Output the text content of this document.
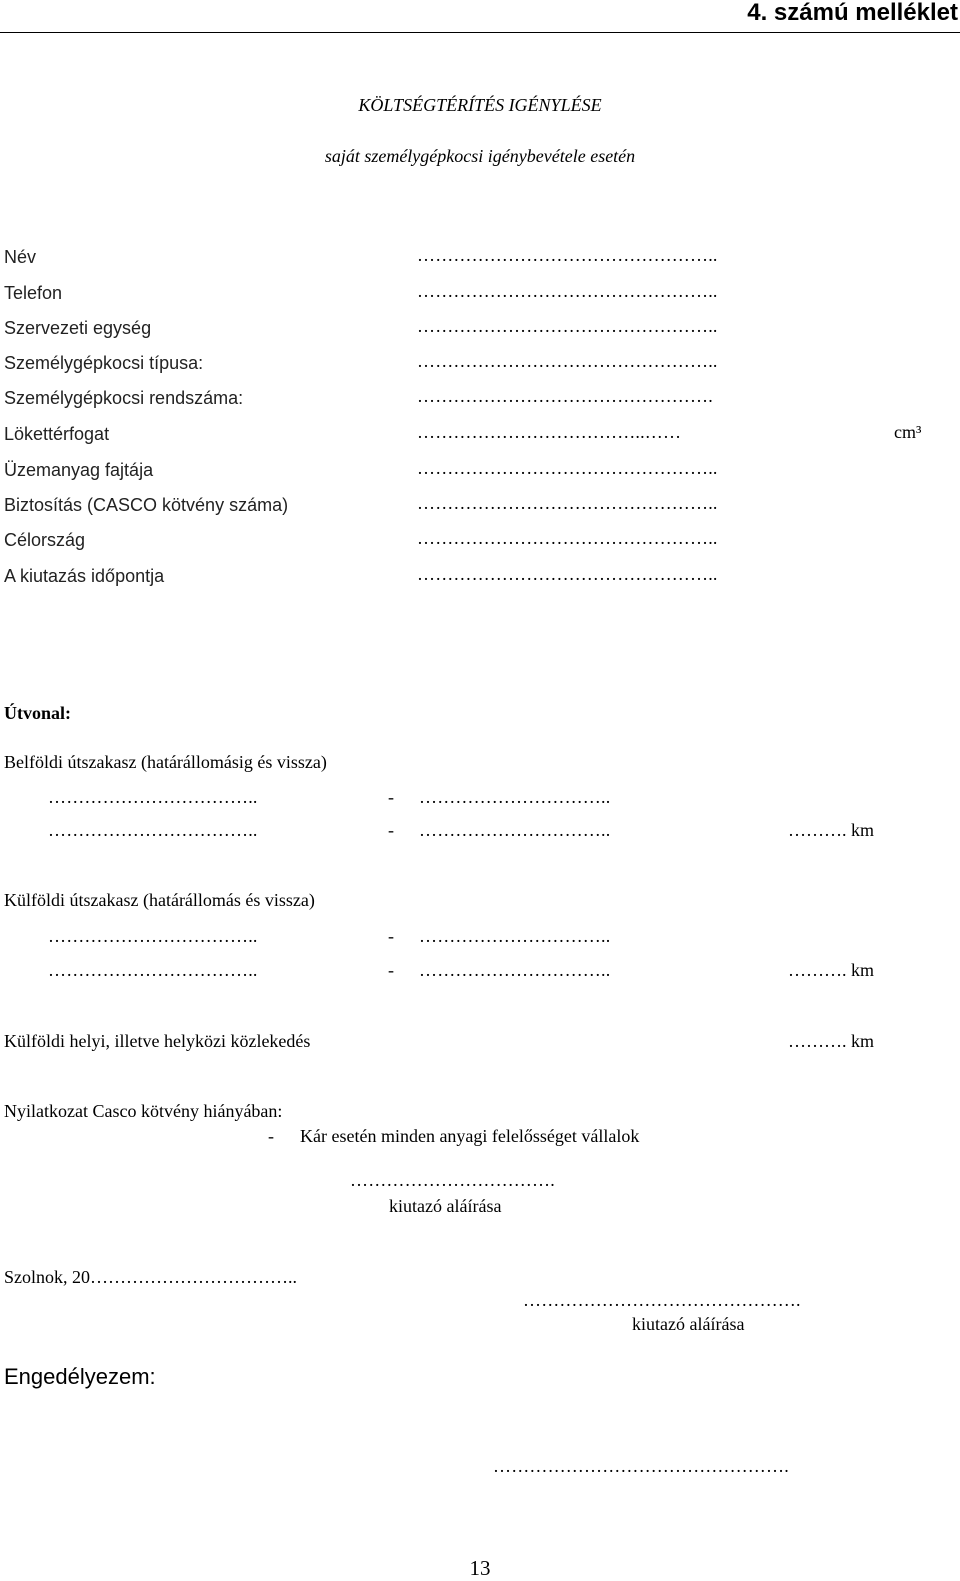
4. számú melléklet
KÖLTSÉGTÉRÍTÉS IGÉNYLÉSE
saját személygépkocsi igénybevétele esetén
Név	…………………………………………..
Telefon	…………………………………………..
Szervezeti egység	…………………………………………..
Személygépkocsi típusa:	…………………………………………..
Személygépkocsi rendszáma:	………………………………………….
Lökettérfogat	………………………………..……	cm³
Üzemanyag fajtája	…………………………………………..
Biztosítás (CASCO kötvény száma)	…………………………………………..
Célország	…………………………………………..
A kiutazás időpontja	…………………………………………..
Útvonal:
Belföldi útszakasz (határállomásig és vissza)
……………………………..	- …………………………..
……………………………..	- …………………………..	………. km
Külföldi útszakasz (határállomás és vissza)
……………………………..	- …………………………..
……………………………..	- …………………………..	………. km
Külföldi helyi, illetve helyközi közlekedés	………. km
Nyilatkozat Casco kötvény hiányában:
- Kár esetén minden anyagi felelősséget vállalok
…………………………….
kiutazó aláírása
Szolnok, 20……………………………..
……………………………………….
kiutazó aláírása
Engedélyezem:
………………………………………….
13
